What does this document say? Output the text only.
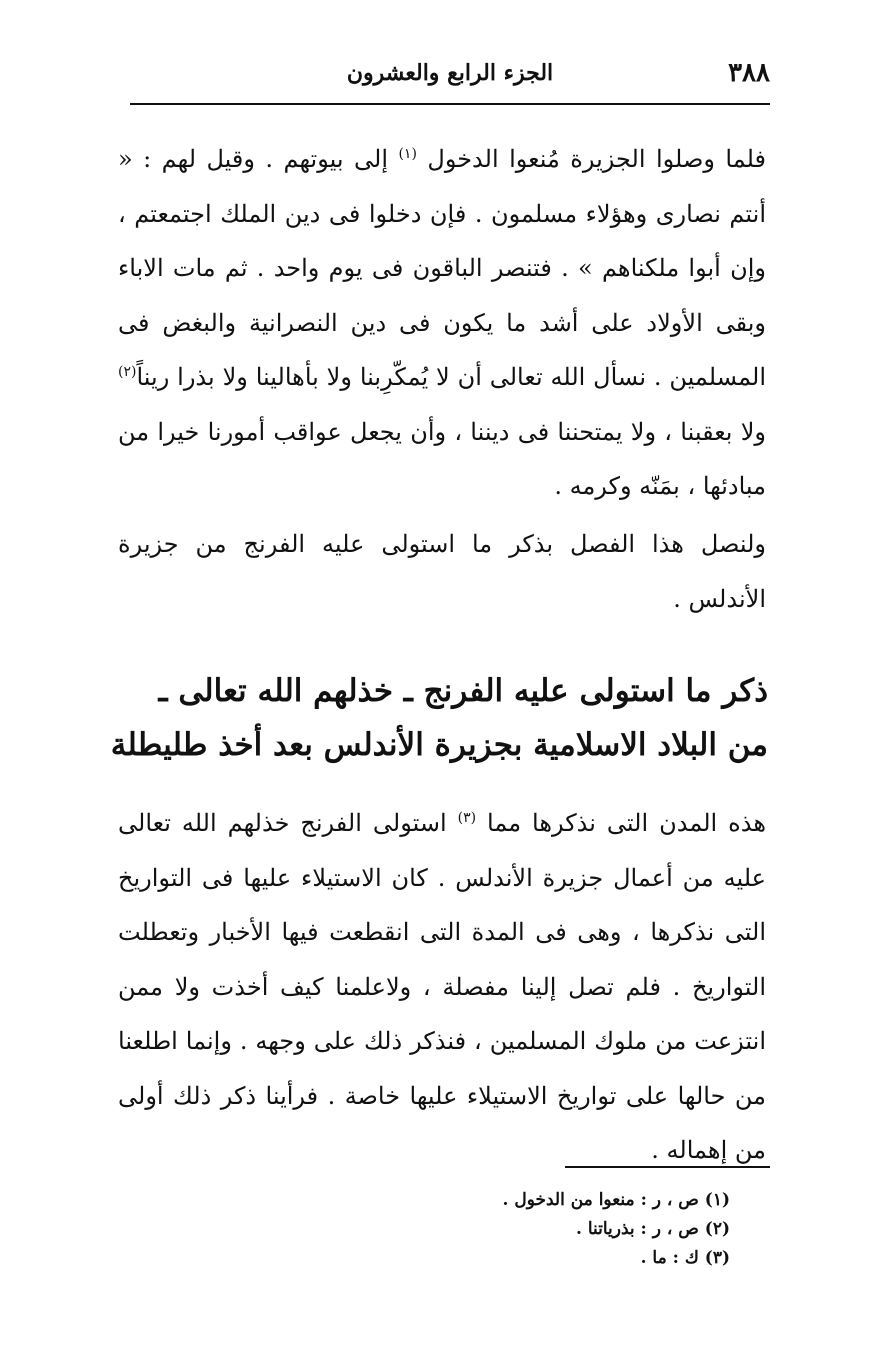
٣٨٨
الجزء الرابع والعشرون
فلما وصلوا الجزيرة مُنعوا الدخول $^{(١)}$ إلى بيوتهم . وقيل لهم : « أنتم نصارى وهؤلاء مسلمون . فإن دخلوا فى دين الملك اجتمعتم ، وإن أبوا ملكناهم » . فتنصر الباقون فى يوم واحد . ثم مات الاباء وبقى الأولاد على أشد ما يكون فى دين النصرانية والبغض فى المسلمين . نسأل الله تعالى أن لا يُمكّرِبنا ولا بأهالينا ولا بذرا ريناً$^{(٢)}$ ولا بعقبنا ، ولا يمتحننا فى ديننا ، وأن يجعل عواقب أمورنا خيرا من مبادئها ، بمَنّه وكرمه .
ولنصل هذا الفصل بذكر ما استولى عليه الفرنج من جزيرة الأندلس .
ذكر ما استولى عليه الفرنج ـ خذلهم الله تعالى ـ
من البلاد الاسلامية بجزيرة الأندلس بعد أخذ طليطلة
هذه المدن التى نذكرها مما $^{(٣)}$ استولى الفرنج خذلهم الله تعالى عليه من أعمال جزيرة الأندلس . كان الاستيلاء عليها فى التواريخ التى نذكرها ، وهى فى المدة التى انقطعت فيها الأخبار وتعطلت التواريخ . فلم تصل إلينا مفصلة ، ولاعلمنا كيف أخذت ولا ممن انتزعت من ملوك المسلمين ، فنذكر ذلك على وجهه . وإنما اطلعنا من حالها على تواريخ الاستيلاء عليها خاصة . فرأينا ذكر ذلك أولى من إهماله .
(١) ص ، ر : منعوا من الدخول .
(٢) ص ، ر : بذرياتنا .
(٣) ك : ما .
